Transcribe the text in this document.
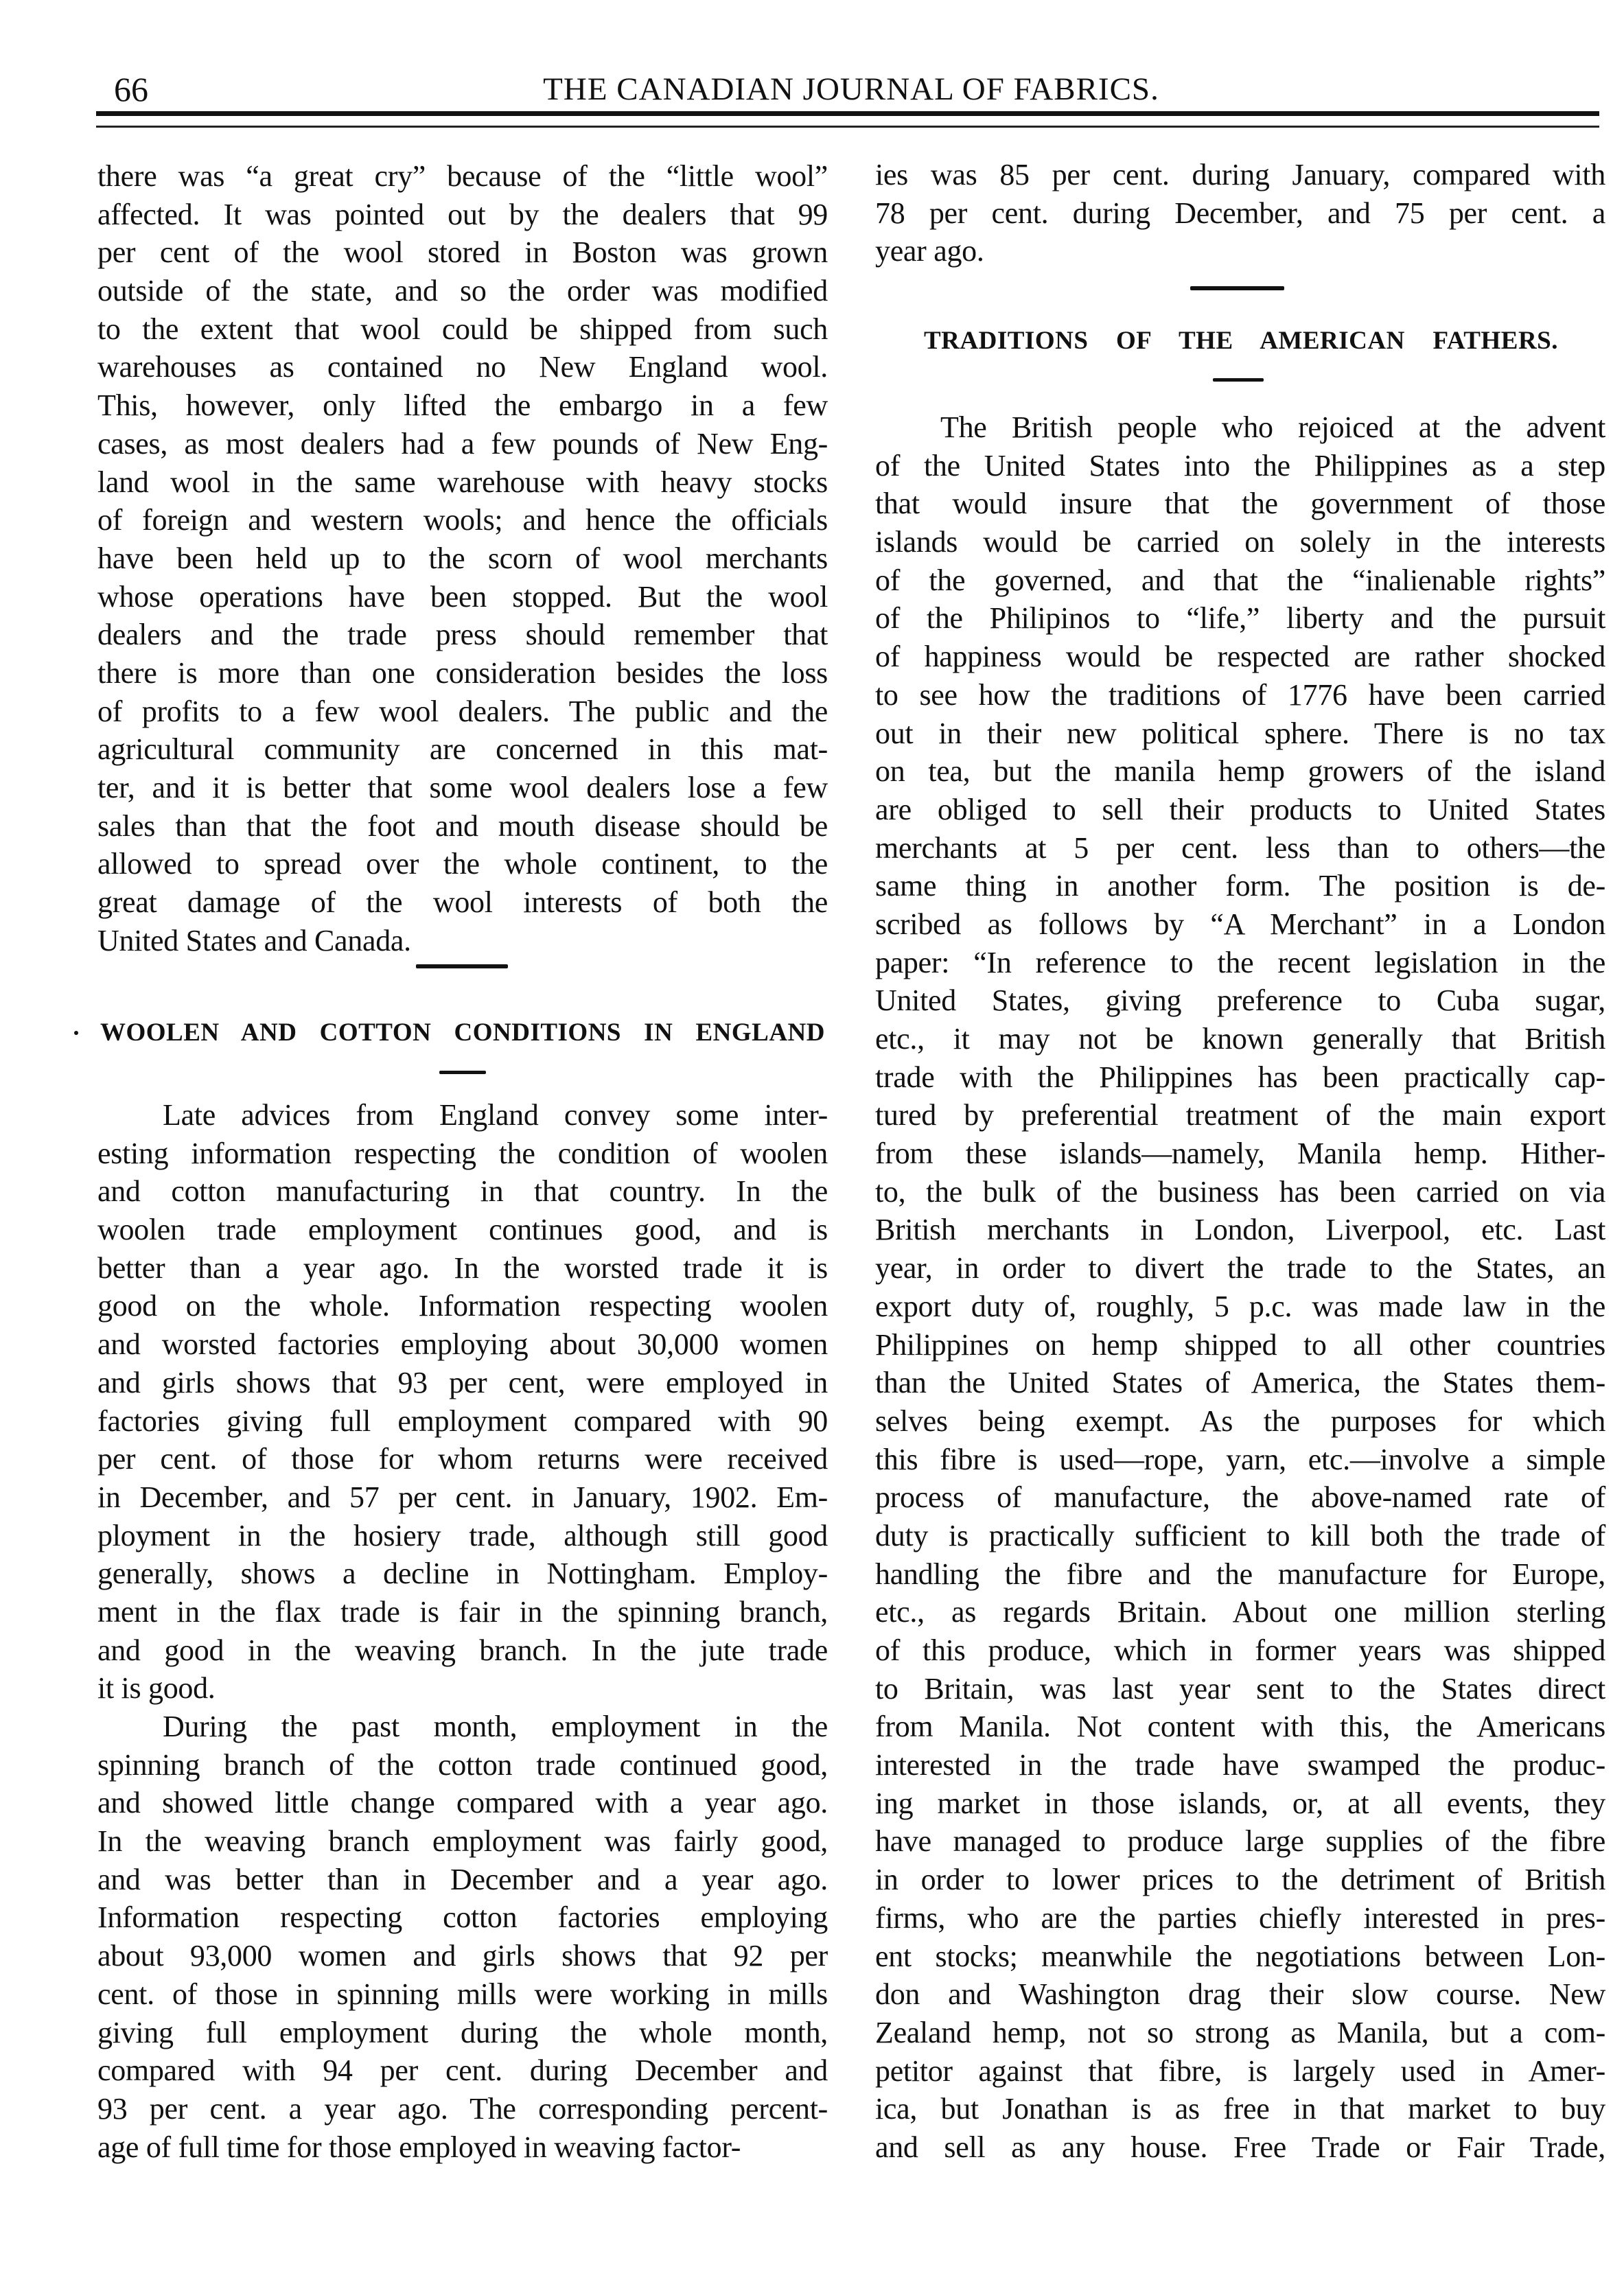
66	THE CANADIAN JOURNAL OF FABRICS.
there was “a great cry” because of the “little wool”
affected. It was pointed out by the dealers that 99
per cent of the wool stored in Boston was grown
outside of the state, and so the order was modified
to the extent that wool could be shipped from such
warehouses as contained no New England wool.
This, however, only lifted the embargo in a few
cases, as most dealers had a few pounds of New Eng-
land wool in the same warehouse with heavy stocks
of foreign and western wools; and hence the officials
have been held up to the scorn of wool merchants
whose operations have been stopped. But the wool
dealers and the trade press should remember that
there is more than one consideration besides the loss
of profits to a few wool dealers. The public and the
agricultural community are concerned in this mat-
ter, and it is better that some wool dealers lose a few
sales than that the foot and mouth disease should be
allowed to spread over the whole continent, to the
great damage of the wool interests of both the
United States and Canada.
WOOLEN AND COTTON CONDITIONS IN ENGLAND
Late advices from England convey some inter-
esting information respecting the condition of woolen
and cotton manufacturing in that country. In the
woolen trade employment continues good, and is
better than a year ago. In the worsted trade it is
good on the whole. Information respecting woolen
and worsted factories employing about 30,000 women
and girls shows that 93 per cent, were employed in
factories giving full employment compared with 90
per cent. of those for whom returns were received
in December, and 57 per cent. in January, 1902. Em-
ployment in the hosiery trade, although still good
generally, shows a decline in Nottingham. Employ-
ment in the flax trade is fair in the spinning branch,
and good in the weaving branch. In the jute trade
it is good.
During the past month, employment in the
spinning branch of the cotton trade continued good,
and showed little change compared with a year ago.
In the weaving branch employment was fairly good,
and was better than in December and a year ago.
Information respecting cotton factories employing
about 93,000 women and girls shows that 92 per
cent. of those in spinning mills were working in mills
giving full employment during the whole month,
compared with 94 per cent. during December and
93 per cent. a year ago. The corresponding percent-
age of full time for those employed in weaving factor-
ies was 85 per cent. during January, compared with
78 per cent. during December, and 75 per cent. a
year ago.
TRADITIONS OF THE AMERICAN FATHERS.
The British people who rejoiced at the advent
of the United States into the Philippines as a step
that would insure that the government of those
islands would be carried on solely in the interests
of the governed, and that the “inalienable rights”
of the Philipinos to “life,” liberty and the pursuit
of happiness would be respected are rather shocked
to see how the traditions of 1776 have been carried
out in their new political sphere. There is no tax
on tea, but the manila hemp growers of the island
are obliged to sell their products to United States
merchants at 5 per cent. less than to others—the
same thing in another form. The position is de-
scribed as follows by “A Merchant” in a London
paper: “In reference to the recent legislation in the
United States, giving preference to Cuba sugar,
etc., it may not be known generally that British
trade with the Philippines has been practically cap-
tured by preferential treatment of the main export
from these islands—namely, Manila hemp. Hither-
to, the bulk of the business has been carried on via
British merchants in London, Liverpool, etc. Last
year, in order to divert the trade to the States, an
export duty of, roughly, 5 p.c. was made law in the
Philippines on hemp shipped to all other countries
than the United States of America, the States them-
selves being exempt. As the purposes for which
this fibre is used—rope, yarn, etc.—involve a simple
process of manufacture, the above-named rate of
duty is practically sufficient to kill both the trade of
handling the fibre and the manufacture for Europe,
etc., as regards Britain. About one million sterling
of this produce, which in former years was shipped
to Britain, was last year sent to the States direct
from Manila. Not content with this, the Americans
interested in the trade have swamped the produc-
ing market in those islands, or, at all events, they
have managed to produce large supplies of the fibre
in order to lower prices to the detriment of British
firms, who are the parties chiefly interested in pres-
ent stocks; meanwhile the negotiations between Lon-
don and Washington drag their slow course. New
Zealand hemp, not so strong as Manila, but a com-
petitor against that fibre, is largely used in Amer-
ica, but Jonathan is as free in that market to buy
and sell as any house. Free Trade or Fair Trade,
